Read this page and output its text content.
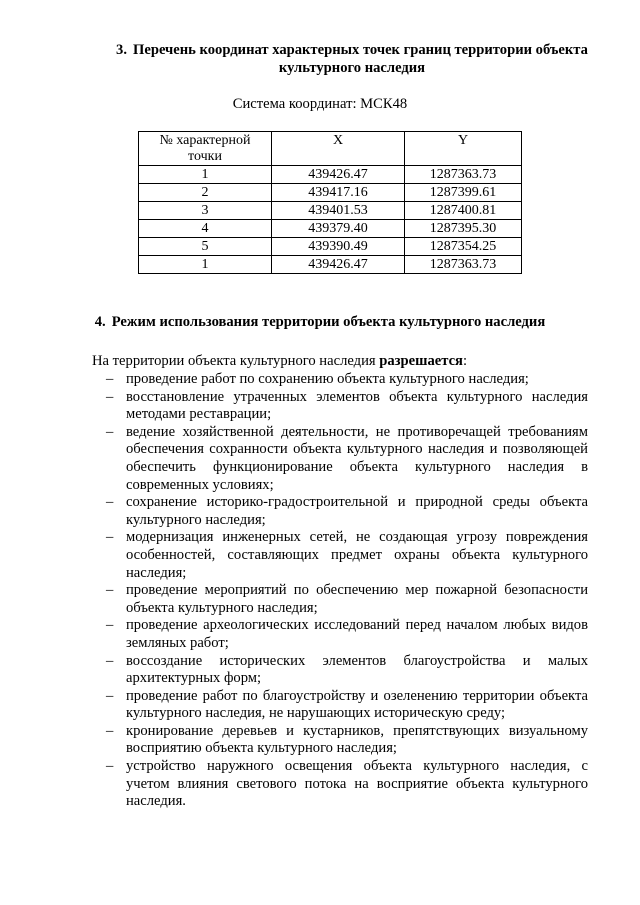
3. Перечень координат характерных точек границ территории объекта культурного наследия
Система координат: МСК48
№ характерной точки	X	Y
1	439426.47	1287363.73
2	439417.16	1287399.61
3	439401.53	1287400.81
4	439379.40	1287395.30
5	439390.49	1287354.25
1	439426.47	1287363.73
4. Режим использования территории объекта культурного наследия
На территории объекта культурного наследия разрешается:
– проведение работ по сохранению объекта культурного наследия;
– восстановление утраченных элементов объекта культурного наследия методами реставрации;
– ведение хозяйственной деятельности, не противоречащей требованиям обеспечения сохранности объекта культурного наследия и позволяющей обеспечить функционирование объекта культурного наследия в современных условиях;
– сохранение историко-градостроительной и природной среды объекта культурного наследия;
– модернизация инженерных сетей, не создающая угрозу повреждения особенностей, составляющих предмет охраны объекта культурного наследия;
– проведение мероприятий по обеспечению мер пожарной безопасности объекта культурного наследия;
– проведение археологических исследований перед началом любых видов земляных работ;
– воссоздание исторических элементов благоустройства и малых архитектурных форм;
– проведение работ по благоустройству и озеленению территории объекта культурного наследия, не нарушающих историческую среду;
– кронирование деревьев и кустарников, препятствующих визуальному восприятию объекта культурного наследия;
– устройство наружного освещения объекта культурного наследия, с учетом влияния светового потока на восприятие объекта культурного наследия.
